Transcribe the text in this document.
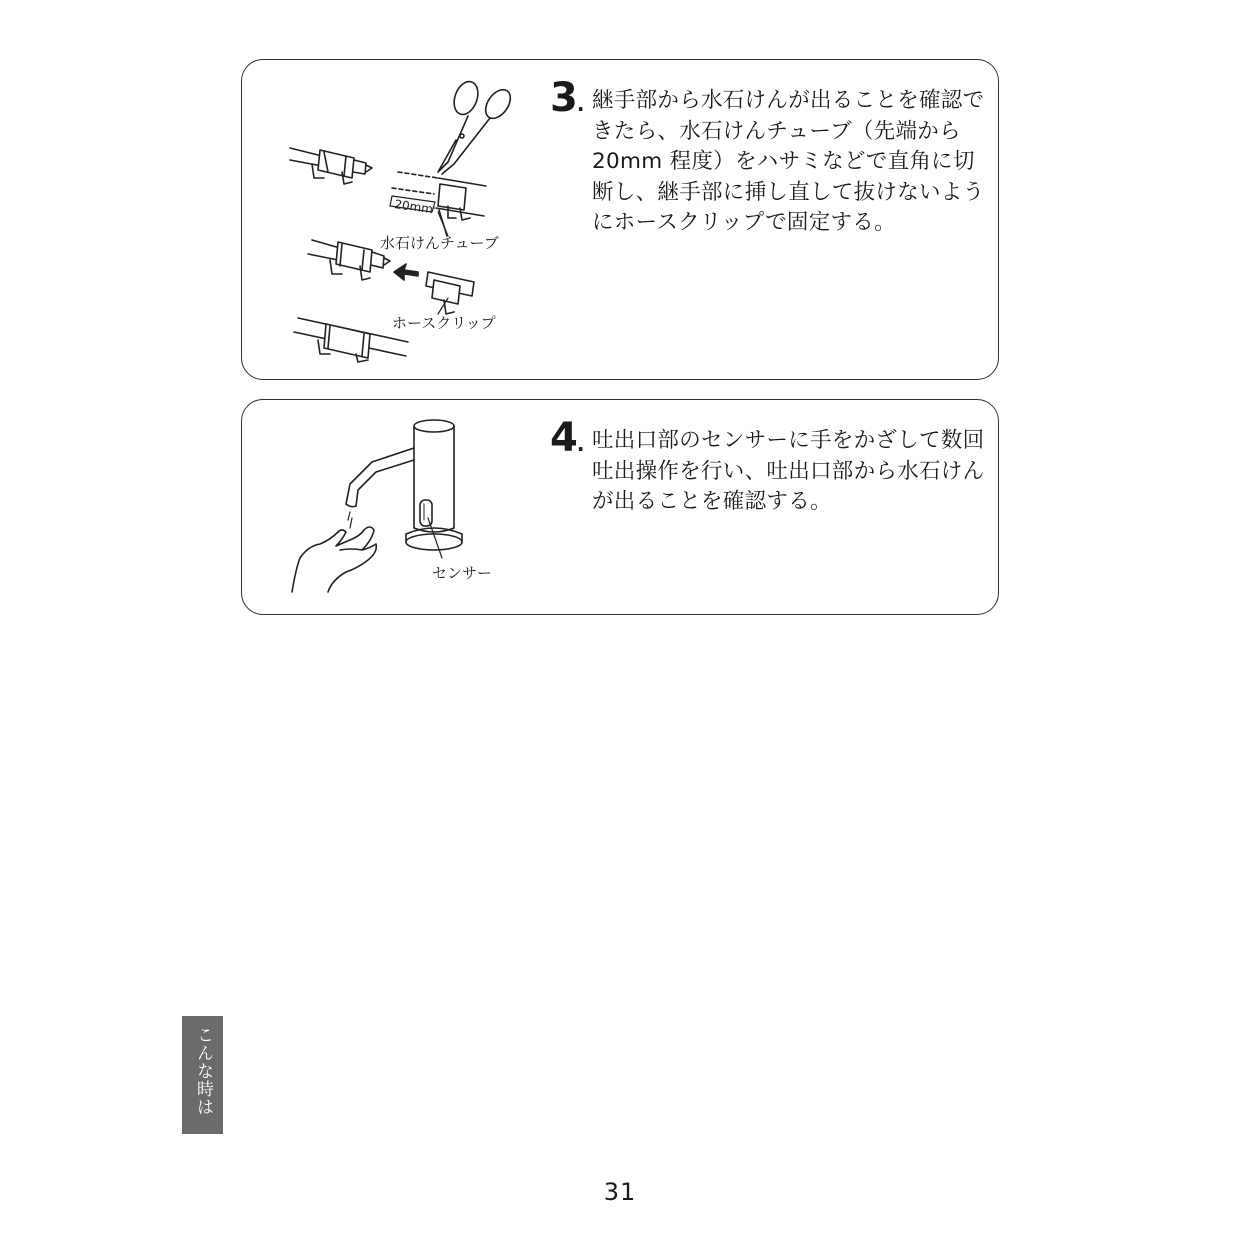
20mm
水石けんチューブ
ホースクリップ
3. 継手部から水石けんが出ることを確認できたら、水石けんチューブ（先端から 20mm 程度）をハサミなどで直角に切断し、継手部に挿し直して抜けないようにホースクリップで固定する。
センサー
4. 吐出口部のセンサーに手をかざして数回吐出操作を行い、吐出口部から水石けんが出ることを確認する。
こんな時は
31
